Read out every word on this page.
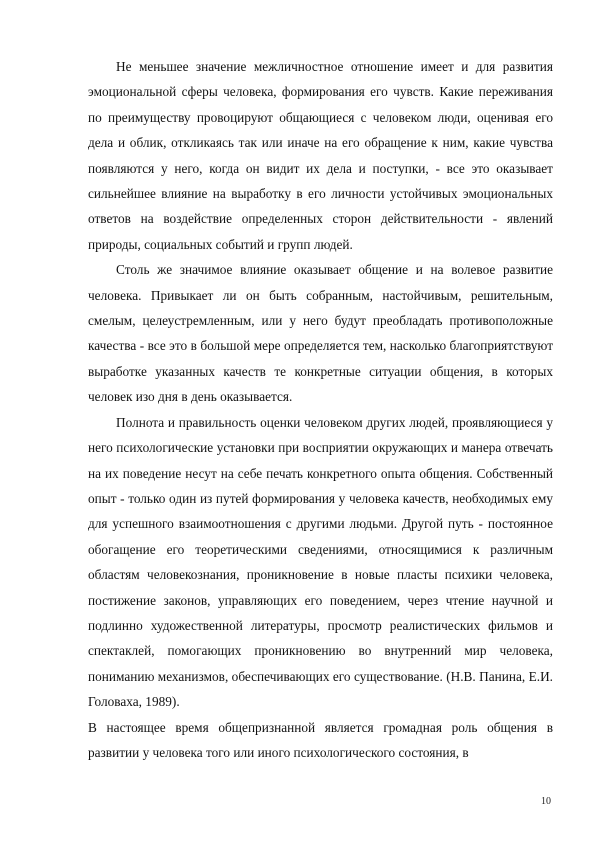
Не меньшее значение межличностное отношение имеет и для развития эмоциональной сферы человека, формирования его чувств. Какие переживания по преимуществу провоцируют общающиеся с человеком люди, оценивая его дела и облик, откликаясь так или иначе на его обращение к ним, какие чувства появляются у него, когда он видит их дела и поступки, - все это оказывает сильнейшее влияние на выработку в его личности устойчивых эмоциональных ответов на воздействие определенных сторон действительности - явлений природы, социальных событий и групп людей.

Столь же значимое влияние оказывает общение и на волевое развитие человека. Привыкает ли он быть собранным, настойчивым, решительным, смелым, целеустремленным, или у него будут преобладать противоположные качества - все это в большой мере определяется тем, насколько благоприятствуют выработке указанных качеств те конкретные ситуации общения, в которых человек изо дня в день оказывается.

Полнота и правильность оценки человеком других людей, проявляющиеся у него психологические установки при восприятии окружающих и манера отвечать на их поведение несут на себе печать конкретного опыта общения. Собственный опыт - только один из путей формирования у человека качеств, необходимых ему для успешного взаимоотношения с другими людьми. Другой путь - постоянное обогащение его теоретическими сведениями, относящимися к различным областям человекознания, проникновение в новые пласты психики человека, постижение законов, управляющих его поведением, через чтение научной и подлинно художественной литературы, просмотр реалистических фильмов и спектаклей, помогающих проникновению во внутренний мир человека, пониманию механизмов, обеспечивающих его существование. (Н.В. Панина, Е.И. Головаха, 1989).

В настоящее время общепризнанной является громадная роль общения в развитии у человека того или иного психологического состояния, в

10
